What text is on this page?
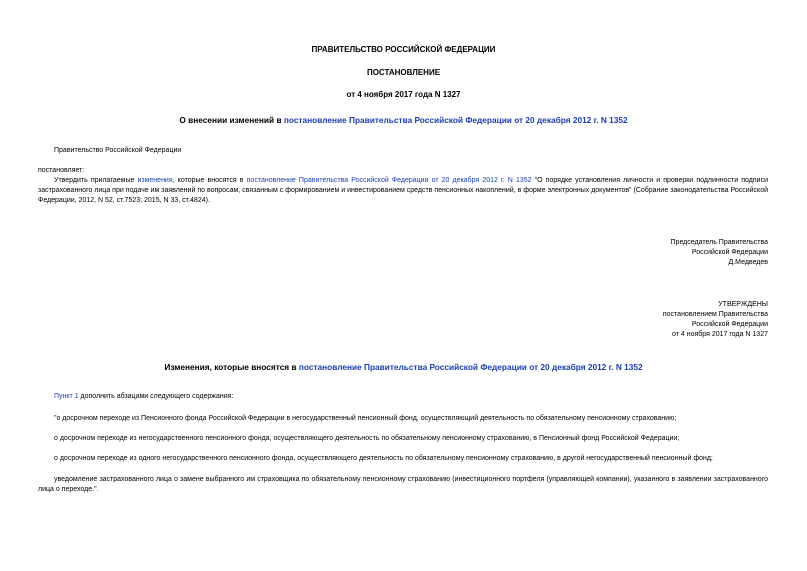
ПРАВИТЕЛЬСТВО РОССИЙСКОЙ ФЕДЕРАЦИИ
ПОСТАНОВЛЕНИЕ
от 4 ноября 2017 года N 1327
О внесении изменений в постановление Правительства Российской Федерации от 20 декабря 2012 г. N 1352
Правительство Российской Федерации
постановляет:
Утвердить прилагаемые изменения, которые вносятся в постановление Правительства Российской Федерации от 20 декабря 2012 г. N 1352 "О порядке установления личности и проверки подлинности подписи застрахованного лица при подаче им заявлений по вопросам, связанным с формированием и инвестированием средств пенсионных накоплений, в форме электронных документов" (Собрание законодательства Российской Федерации, 2012, N 52, ст.7523; 2015, N 33, ст.4824).
Председатель Правительства
Российской Федерации
Д.Медведев
УТВЕРЖДЕНЫ
постановлением Правительства
Российской Федерации
от 4 ноября 2017 года N 1327
Изменения, которые вносятся в постановление Правительства Российской Федерации от 20 декабря 2012 г. N 1352
Пункт 1 дополнить абзацами следующего содержания:
"о досрочном переходе из Пенсионного фонда Российской Федерации в негосударственный пенсионный фонд, осуществляющий деятельность по обязательному пенсионному страхованию;
о досрочном переходе из негосударственного пенсионного фонда, осуществляющего деятельность по обязательному пенсионному страхованию, в Пенсионный фонд Российской Федерации;
о досрочном переходе из одного негосударственного пенсионного фонда, осуществляющего деятельность по обязательному пенсионному страхованию, в другой негосударственный пенсионный фонд;
уведомление застрахованного лица о замене выбранного им страховщика по обязательному пенсионному страхованию (инвестиционного портфеля (управляющей компании), указанного в заявлении застрахованного лица о переходе.".
